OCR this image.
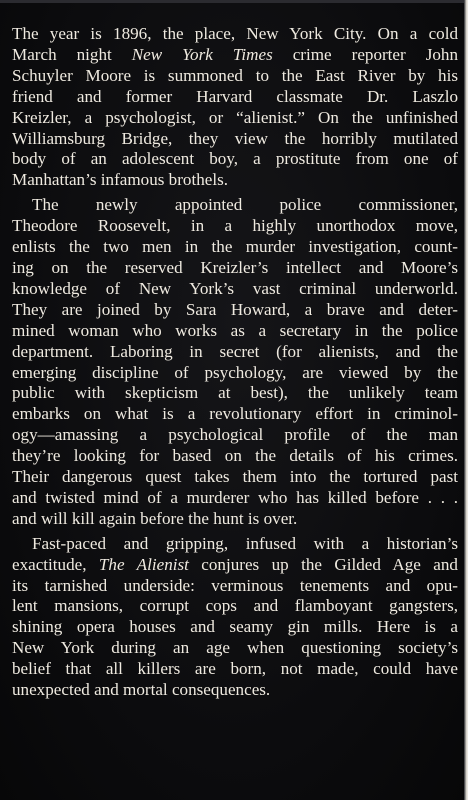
The year is 1896, the place, New York City. On a cold
March night New York Times crime reporter John
Schuyler Moore is summoned to the East River by his
friend and former Harvard classmate Dr. Laszlo
Kreizler, a psychologist, or “alienist.” On the unfinished
Williamsburg Bridge, they view the horribly mutilated
body of an adolescent boy, a prostitute from one of
Manhattan’s infamous brothels.

The newly appointed police commissioner,
Theodore Roosevelt, in a highly unorthodox move,
enlists the two men in the murder investigation, count-
ing on the reserved Kreizler’s intellect and Moore’s
knowledge of New York’s vast criminal underworld.
They are joined by Sara Howard, a brave and deter-
mined woman who works as a secretary in the police
department. Laboring in secret (for alienists, and the
emerging discipline of psychology, are viewed by the
public with skepticism at best), the unlikely team
embarks on what is a revolutionary effort in criminol-
ogy—amassing a psychological profile of the man
they’re looking for based on the details of his crimes.
Their dangerous quest takes them into the tortured past
and twisted mind of a murderer who has killed before . . .
and will kill again before the hunt is over.

Fast-paced and gripping, infused with a historian’s
exactitude, The Alienist conjures up the Gilded Age and
its tarnished underside: verminous tenements and opu-
lent mansions, corrupt cops and flamboyant gangsters,
shining opera houses and seamy gin mills. Here is a
New York during an age when questioning society’s
belief that all killers are born, not made, could have
unexpected and mortal consequences.
